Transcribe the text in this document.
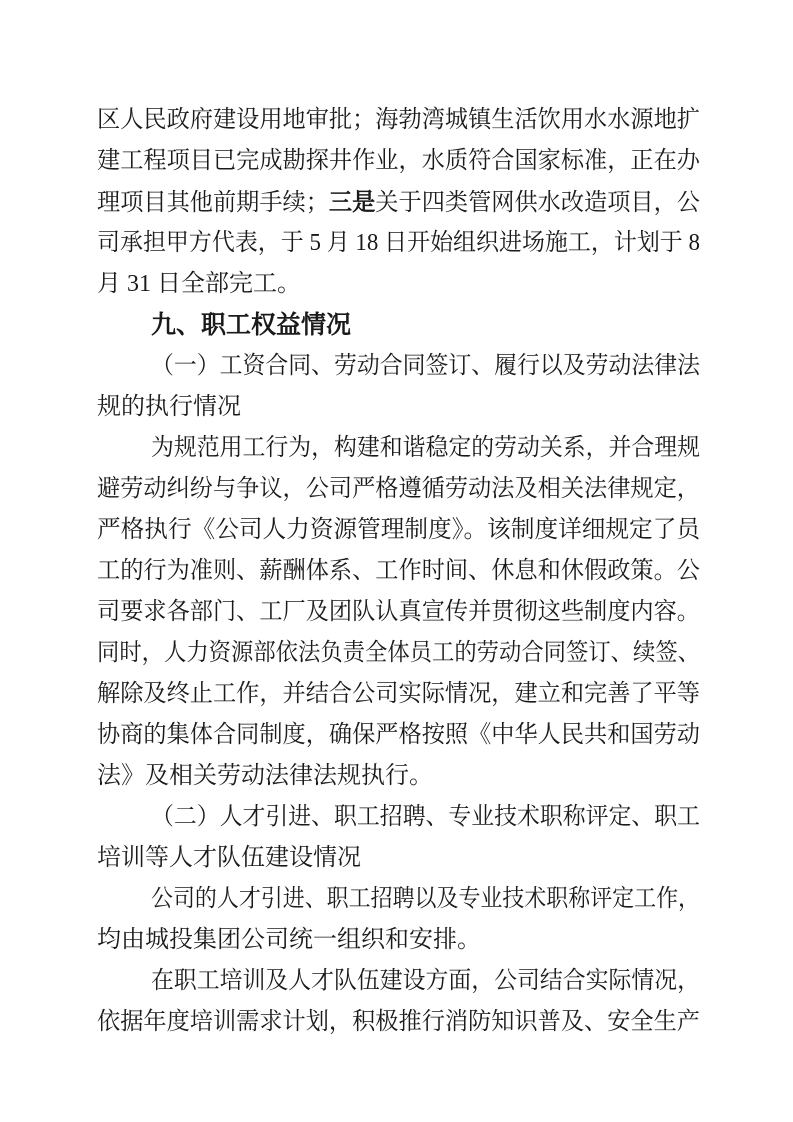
区人民政府建设用地审批；海勃湾城镇生活饮用水水源地扩
建工程项目已完成勘探井作业，水质符合国家标准，正在办
理项目其他前期手续；三是关于四类管网供水改造项目，公
司承担甲方代表，于 5 月 18 日开始组织进场施工，计划于 8
月 31 日全部完工。
九、职工权益情况
（一）工资合同、劳动合同签订、履行以及劳动法律法
规的执行情况
为规范用工行为，构建和谐稳定的劳动关系，并合理规
避劳动纠纷与争议，公司严格遵循劳动法及相关法律规定，
严格执行《公司人力资源管理制度》。该制度详细规定了员
工的行为准则、薪酬体系、工作时间、休息和休假政策。公
司要求各部门、工厂及团队认真宣传并贯彻这些制度内容。
同时，人力资源部依法负责全体员工的劳动合同签订、续签、
解除及终止工作，并结合公司实际情况，建立和完善了平等
协商的集体合同制度，确保严格按照《中华人民共和国劳动
法》及相关劳动法律法规执行。
（二）人才引进、职工招聘、专业技术职称评定、职工
培训等人才队伍建设情况
公司的人才引进、职工招聘以及专业技术职称评定工作，
均由城投集团公司统一组织和安排。
在职工培训及人才队伍建设方面，公司结合实际情况，
依据年度培训需求计划，积极推行消防知识普及、安全生产
